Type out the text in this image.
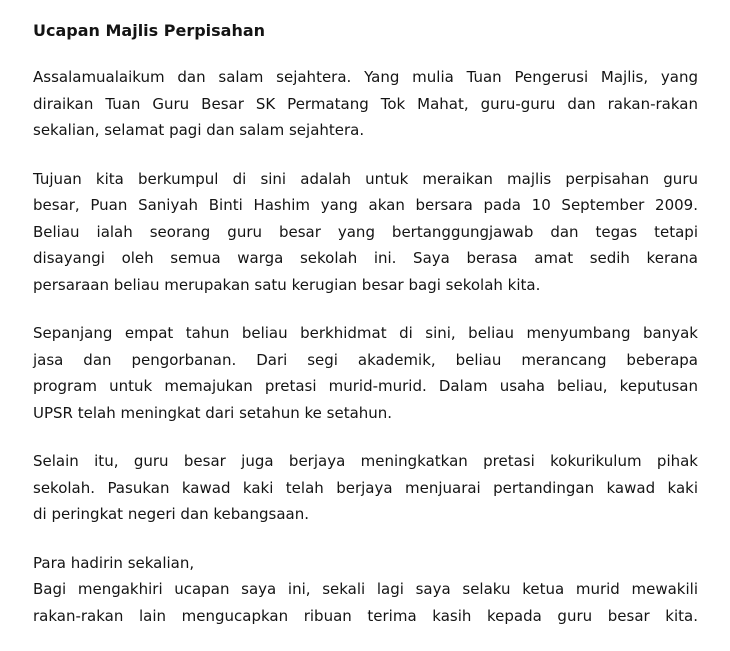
Ucapan Majlis Perpisahan
Assalamualaikum dan salam sejahtera. Yang mulia Tuan Pengerusi Majlis, yang
diraikan Tuan Guru Besar SK Permatang Tok Mahat, guru-guru dan rakan-rakan
sekalian, selamat pagi dan salam sejahtera.
Tujuan kita berkumpul di sini adalah untuk meraikan majlis perpisahan guru
besar, Puan Saniyah Binti Hashim yang akan bersara pada 10 September 2009.
Beliau ialah seorang guru besar yang bertanggungjawab dan tegas tetapi
disayangi oleh semua warga sekolah ini. Saya berasa amat sedih kerana
persaraan beliau merupakan satu kerugian besar bagi sekolah kita.
Sepanjang empat tahun beliau berkhidmat di sini, beliau menyumbang banyak
jasa dan pengorbanan. Dari segi akademik, beliau merancang beberapa
program untuk memajukan pretasi murid-murid. Dalam usaha beliau, keputusan
UPSR telah meningkat dari setahun ke setahun.
Selain itu, guru besar juga berjaya meningkatkan pretasi kokurikulum pihak
sekolah. Pasukan kawad kaki telah berjaya menjuarai pertandingan kawad kaki
di peringkat negeri dan kebangsaan.
Para hadirin sekalian,
Bagi mengakhiri ucapan saya ini, sekali lagi saya selaku ketua murid mewakili
rakan-rakan lain mengucapkan ribuan terima kasih kepada guru besar kita.
